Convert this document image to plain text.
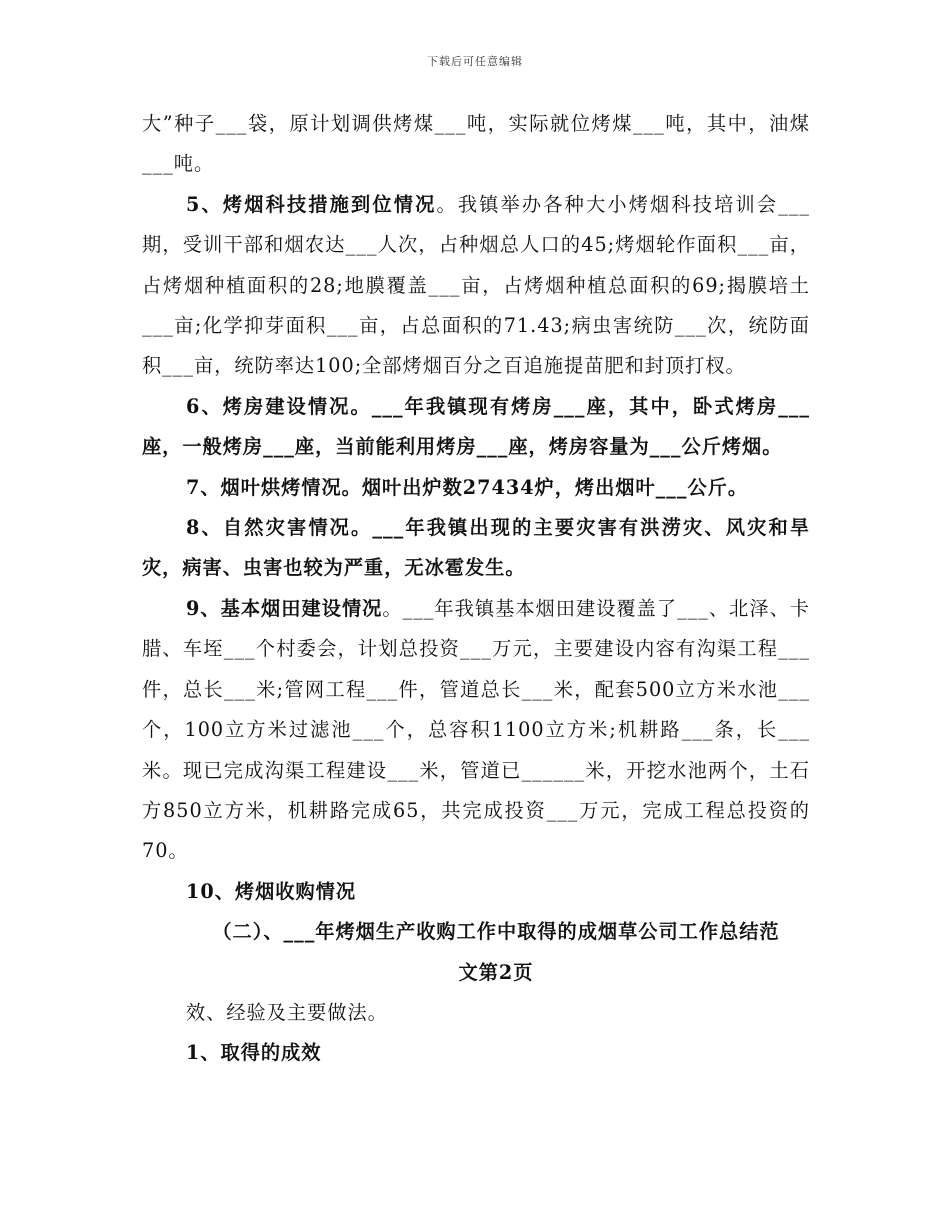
下载后可任意编辑

大”种子___袋，原计划调供烤煤___吨，实际就位烤煤___吨，其中，油煤___吨。

5、烤烟科技措施到位情况。我镇举办各种大小烤烟科技培训会___期，受训干部和烟农达___人次，占种烟总人口的45;烤烟轮作面积___亩，占烤烟种植面积的28;地膜覆盖___亩，占烤烟种植总面积的69;揭膜培土___亩;化学抑芽面积___亩，占总面积的71.43;病虫害统防___次，统防面积___亩，统防率达100;全部烤烟百分之百追施提苗肥和封顶打杈。

6、烤房建设情况。___年我镇现有烤房___座，其中，卧式烤房___座，一般烤房___座，当前能利用烤房___座，烤房容量为___公斤烤烟。

7、烟叶烘烤情况。烟叶出炉数27434炉，烤出烟叶___公斤。

8、自然灾害情况。___年我镇出现的主要灾害有洪涝灾、风灾和旱灾，病害、虫害也较为严重，无冰雹发生。

9、基本烟田建设情况。___年我镇基本烟田建设覆盖了___、北泽、卡腊、车垤___个村委会，计划总投资___万元，主要建设内容有沟渠工程___件，总长___米;管网工程___件，管道总长___米，配套500立方米水池___个，100立方米过滤池___个，总容积1100立方米;机耕路___条，长___米。现已完成沟渠工程建设___米，管道已______米，开挖水池两个，土石方850立方米，机耕路完成65，共完成投资___万元，完成工程总投资的70。

10、烤烟收购情况

（二）、___年烤烟生产收购工作中取得的成烟草公司工作总结范

文第2页

效、经验及主要做法。

1、取得的成效
